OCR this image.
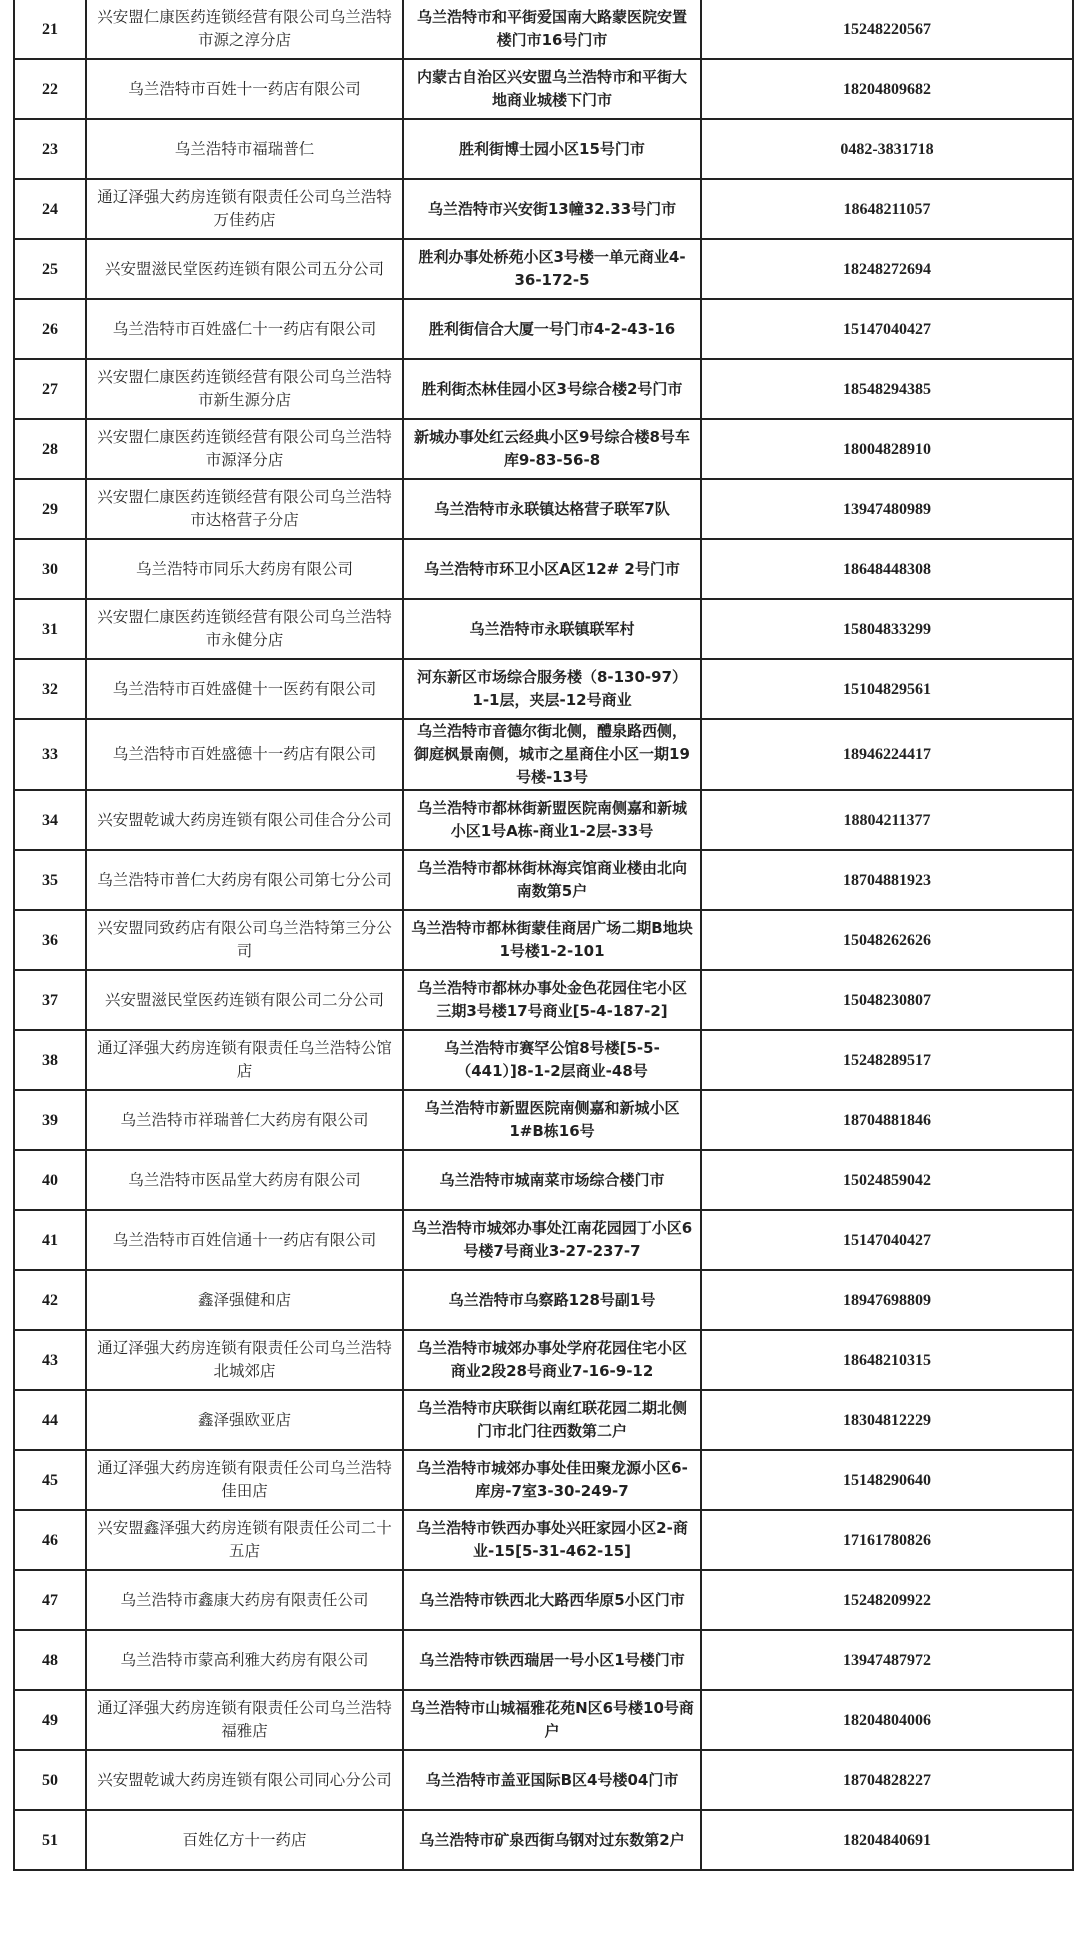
21	兴安盟仁康医药连锁经营有限公司乌兰浩特市源之淳分店	乌兰浩特市和平街爱国南大路蒙医院安置楼门市16号门市	15248220567
22	乌兰浩特市百姓十一药店有限公司	内蒙古自治区兴安盟乌兰浩特市和平街大地商业城楼下门市	18204809682
23	乌兰浩特市福瑞普仁	胜利街博士园小区15号门市	0482-3831718
24	通辽泽强大药房连锁有限责任公司乌兰浩特万佳药店	乌兰浩特市兴安街13幢32.33号门市	18648211057
25	兴安盟滋民堂医药连锁有限公司五分公司	胜利办事处桥苑小区3号楼一单元商业4-36-172-5	18248272694
26	乌兰浩特市百姓盛仁十一药店有限公司	胜利街信合大厦一号门市4-2-43-16	15147040427
27	兴安盟仁康医药连锁经营有限公司乌兰浩特市新生源分店	胜利街杰林佳园小区3号综合楼2号门市	18548294385
28	兴安盟仁康医药连锁经营有限公司乌兰浩特市源泽分店	新城办事处红云经典小区9号综合楼8号车库9-83-56-8	18004828910
29	兴安盟仁康医药连锁经营有限公司乌兰浩特市达格营子分店	乌兰浩特市永联镇达格营子联军7队	13947480989
30	乌兰浩特市同乐大药房有限公司	乌兰浩特市环卫小区A区12# 2号门市	18648448308
31	兴安盟仁康医药连锁经营有限公司乌兰浩特市永健分店	乌兰浩特市永联镇联军村	15804833299
32	乌兰浩特市百姓盛健十一医药有限公司	河东新区市场综合服务楼（8-130-97）1-1层，夹层-12号商业	15104829561
33	乌兰浩特市百姓盛德十一药店有限公司	乌兰浩特市音德尔街北侧，醴泉路西侧，御庭枫景南侧，城市之星商住小区一期19号楼-13号	18946224417
34	兴安盟乾诚大药房连锁有限公司佳合分公司	乌兰浩特市都林街新盟医院南侧嘉和新城小区1号A栋-商业1-2层-33号	18804211377
35	乌兰浩特市普仁大药房有限公司第七分公司	乌兰浩特市都林街林海宾馆商业楼由北向南数第5户	18704881923
36	兴安盟同致药店有限公司乌兰浩特第三分公司	乌兰浩特市都林街蒙佳商居广场二期B地块1号楼1-2-101	15048262626
37	兴安盟滋民堂医药连锁有限公司二分公司	乌兰浩特市都林办事处金色花园住宅小区三期3号楼17号商业[5-4-187-2]	15048230807
38	通辽泽强大药房连锁有限责任乌兰浩特公馆店	乌兰浩特市赛罕公馆8号楼[5-5-（441）]8-1-2层商业-48号	15248289517
39	乌兰浩特市祥瑞普仁大药房有限公司	乌兰浩特市新盟医院南侧嘉和新城小区1#B栋16号	18704881846
40	乌兰浩特市医品堂大药房有限公司	乌兰浩特市城南菜市场综合楼门市	15024859042
41	乌兰浩特市百姓信通十一药店有限公司	乌兰浩特市城郊办事处江南花园园丁小区6号楼7号商业3-27-237-7	15147040427
42	鑫泽强健和店	乌兰浩特市乌察路128号副1号	18947698809
43	通辽泽强大药房连锁有限责任公司乌兰浩特北城郊店	乌兰浩特市城郊办事处学府花园住宅小区商业2段28号商业7-16-9-12	18648210315
44	鑫泽强欧亚店	乌兰浩特市庆联街以南红联花园二期北侧门市北门往西数第二户	18304812229
45	通辽泽强大药房连锁有限责任公司乌兰浩特佳田店	乌兰浩特市城郊办事处佳田聚龙源小区6-库房-7室3-30-249-7	15148290640
46	兴安盟鑫泽强大药房连锁有限责任公司二十五店	乌兰浩特市铁西办事处兴旺家园小区2-商业-15[5-31-462-15]	17161780826
47	乌兰浩特市鑫康大药房有限责任公司	乌兰浩特市铁西北大路西华原5小区门市	15248209922
48	乌兰浩特市蒙高利雅大药房有限公司	乌兰浩特市铁西瑞居一号小区1号楼门市	13947487972
49	通辽泽强大药房连锁有限责任公司乌兰浩特福雅店	乌兰浩特市山城福雅花苑N区6号楼10号商户	18204804006
50	兴安盟乾诚大药房连锁有限公司同心分公司	乌兰浩特市盖亚国际B区4号楼04门市	18704828227
51	百姓亿方十一药店	乌兰浩特市矿泉西街乌钢对过东数第2户	18204840691
